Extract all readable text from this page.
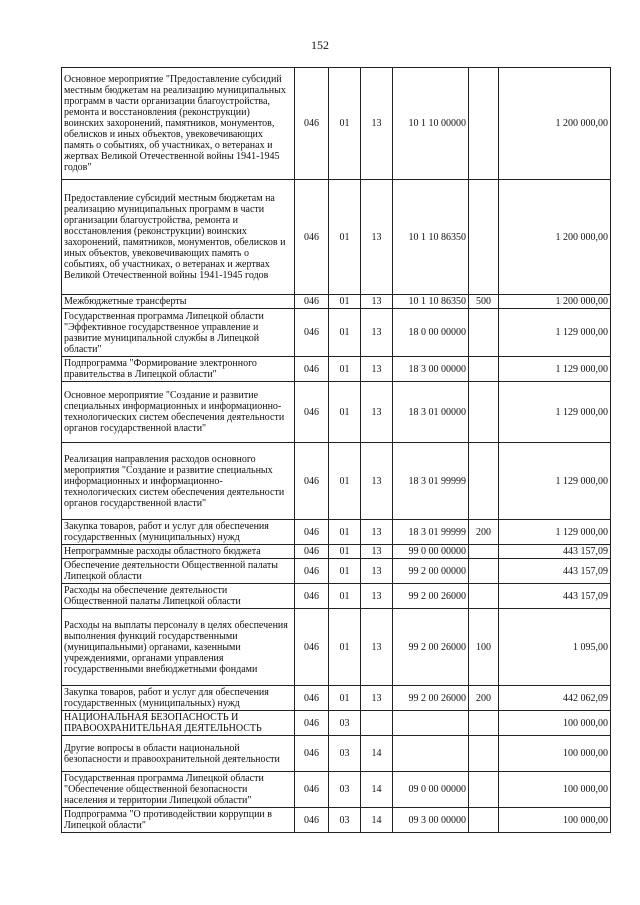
152
Основное мероприятие "Предоставление субсидий местным бюджетам на реализацию муниципальных программ в части организации благоустройства, ремонта и восстановления (реконструкции) воинских захоронений, памятников, монументов, обелисков и иных объектов, увековечивающих память о событиях, об участниках, о ветеранах и жертвах Великой Отечественной войны 1941-1945 годов"	046	01	13	10 1 10 00000		1 200 000,00
Предоставление субсидий местным бюджетам на реализацию муниципальных программ в части организации благоустройства, ремонта и восстановления (реконструкции) воинских захоронений, памятников, монументов, обелисков и иных объектов, увековечивающих память о событиях, об участниках, о ветеранах и жертвах Великой Отечественной войны 1941-1945 годов	046	01	13	10 1 10 86350		1 200 000,00
Межбюджетные трансферты	046	01	13	10 1 10 86350	500	1 200 000,00
Государственная программа Липецкой области "Эффективное государственное управление и развитие муниципальной службы в Липецкой области"	046	01	13	18 0 00 00000		1 129 000,00
Подпрограмма "Формирование электронного правительства в Липецкой области"	046	01	13	18 3 00 00000		1 129 000,00
Основное мероприятие "Создание и развитие специальных информационных и информационно-технологических систем обеспечения деятельности органов государственной власти"	046	01	13	18 3 01 00000		1 129 000,00
Реализация направления расходов основного мероприятия "Создание и развитие специальных информационных и информационно-технологических систем обеспечения деятельности органов государственной власти"	046	01	13	18 3 01 99999		1 129 000,00
Закупка товаров, работ и услуг для обеспечения государственных (муниципальных) нужд	046	01	13	18 3 01 99999	200	1 129 000,00
Непрограммные расходы областного бюджета	046	01	13	99 0 00 00000		443 157,09
Обеспечение деятельности Общественной палаты Липецкой области	046	01	13	99 2 00 00000		443 157,09
Расходы на обеспечение деятельности Общественной палаты Липецкой области	046	01	13	99 2 00 26000		443 157,09
Расходы на выплаты персоналу в целях обеспечения выполнения функций государственными (муниципальными) органами, казенными учреждениями, органами управления государственными внебюджетными фондами	046	01	13	99 2 00 26000	100	1 095,00
Закупка товаров, работ и услуг для обеспечения государственных (муниципальных) нужд	046	01	13	99 2 00 26000	200	442 062,09
НАЦИОНАЛЬНАЯ БЕЗОПАСНОСТЬ И ПРАВООХРАНИТЕЛЬНАЯ ДЕЯТЕЛЬНОСТЬ	046	03				100 000,00
Другие вопросы в области национальной безопасности и правоохранительной деятельности	046	03	14			100 000,00
Государственная программа Липецкой области "Обеспечение общественной безопасности населения и территории Липецкой области"	046	03	14	09 0 00 00000		100 000,00
Подпрограмма "О противодействии коррупции в Липецкой области"	046	03	14	09 3 00 00000		100 000,00
